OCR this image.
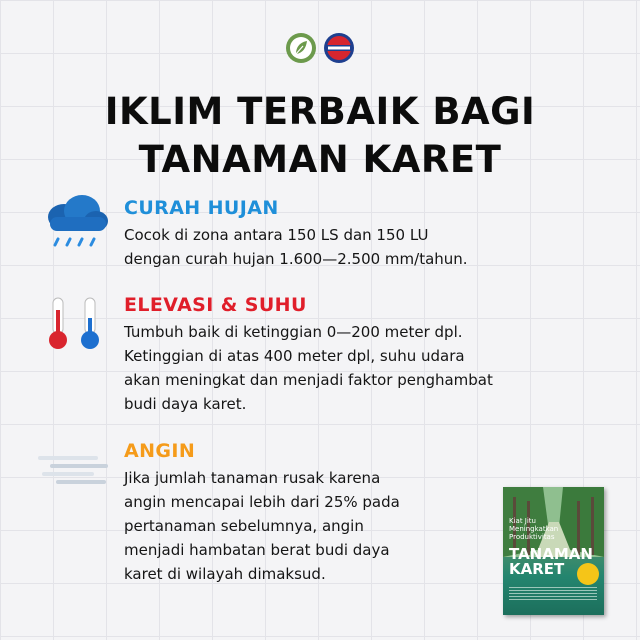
IKLIM TERBAIK BAGI
TANAMAN KARET
CURAH HUJAN
Cocok di zona antara 150 LS dan 150 LU
dengan curah hujan 1.600—2.500 mm/tahun.
ELEVASI & SUHU
Tumbuh baik di ketinggian 0—200 meter dpl.
Ketinggian di atas 400 meter dpl, suhu udara
akan meningkat dan menjadi faktor penghambat
budi daya karet.
ANGIN
Jika jumlah tanaman rusak karena
angin mencapai lebih dari 25% pada
pertanaman sebelumnya, angin
menjadi hambatan berat budi daya
karet di wilayah dimaksud.
Kiat Jitu
Meningkatkan
Produktivitas
TANAMAN
KARET
